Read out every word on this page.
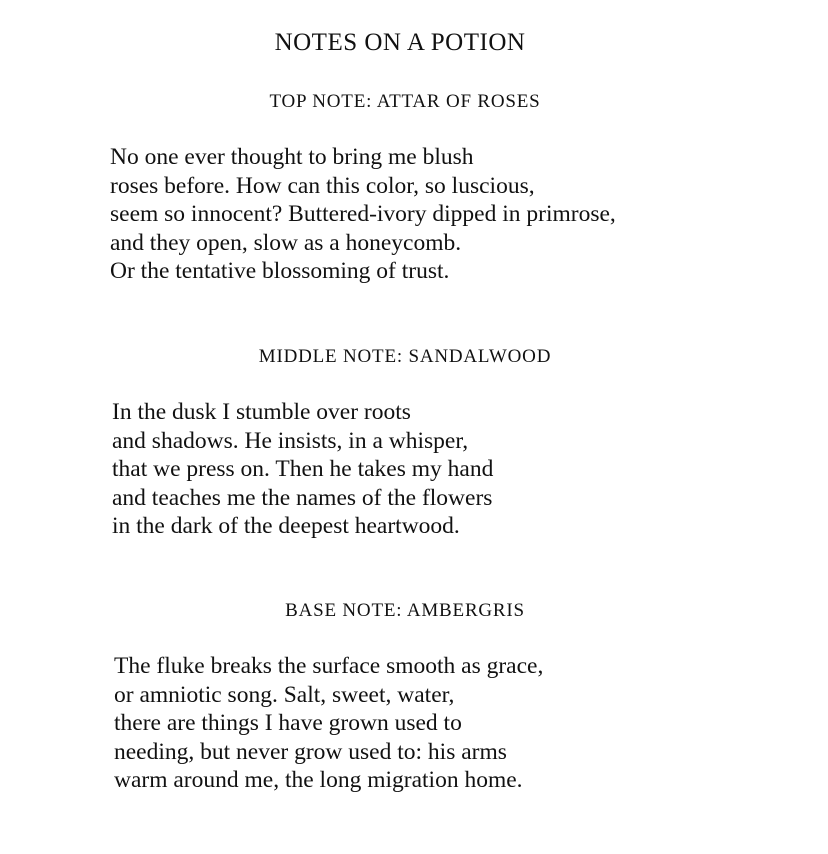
NOTES ON A POTION
TOP NOTE: ATTAR OF ROSES
No one ever thought to bring me blush
roses before. How can this color, so luscious,
seem so innocent? Buttered-ivory dipped in primrose,
and they open, slow as a honeycomb.
Or the tentative blossoming of trust.
MIDDLE NOTE: SANDALWOOD
In the dusk I stumble over roots
and shadows. He insists, in a whisper,
that we press on. Then he takes my hand
and teaches me the names of the flowers
in the dark of the deepest heartwood.
BASE NOTE: AMBERGRIS
The fluke breaks the surface smooth as grace,
or amniotic song. Salt, sweet, water,
there are things I have grown used to
needing, but never grow used to: his arms
warm around me, the long migration home.
